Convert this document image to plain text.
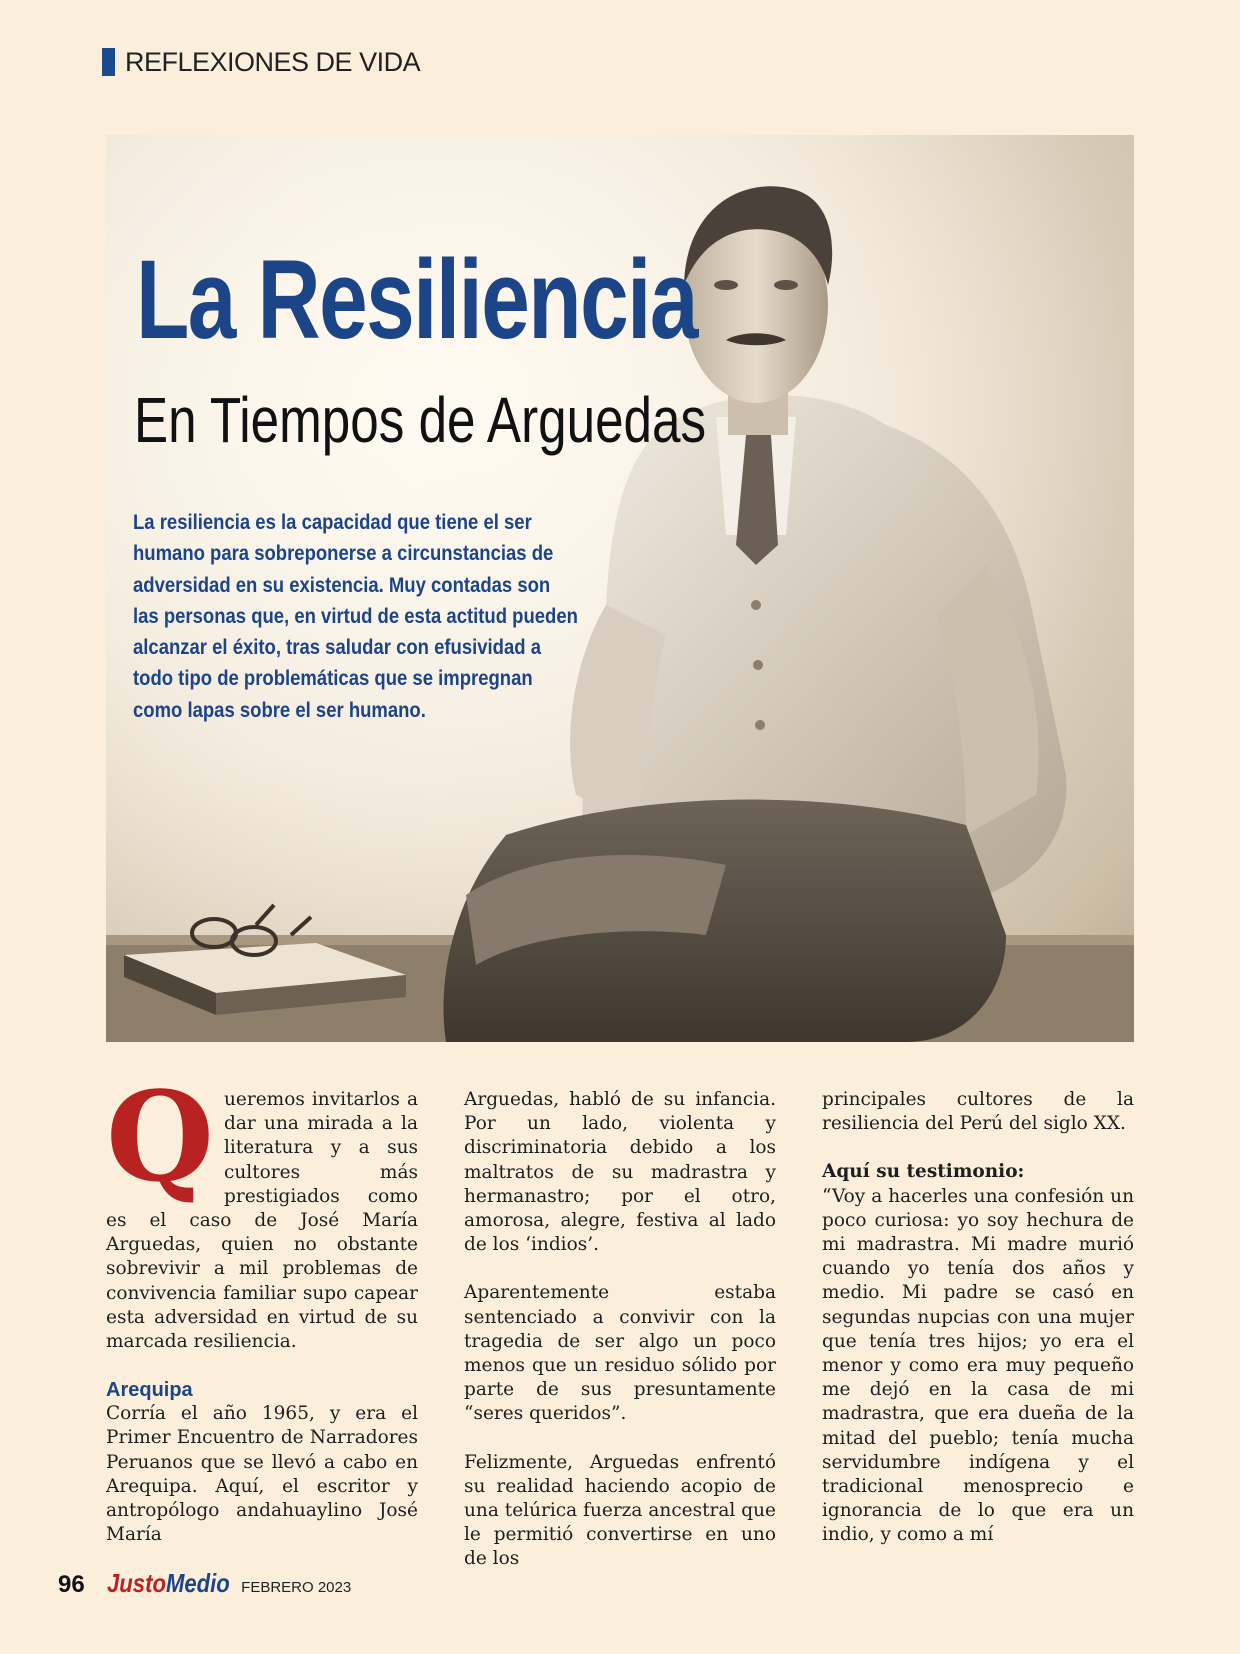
REFLEXIONES DE VIDA
La Resiliencia
En Tiempos de Arguedas

La resiliencia es la capacidad que tiene el ser humano para sobreponerse a circunstancias de adversidad en su existencia. Muy contadas son las personas que, en virtud de esta actitud pueden alcanzar el éxito, tras saludar con efusividad a todo tipo de problemáticas que se impregnan como lapas sobre el ser humano.

Queremos invitarlos a dar una mirada a la literatura y a sus cultores más prestigiados como es el caso de José María Arguedas, quien no obstante sobrevivir a mil problemas de convivencia familiar supo capear esta adversidad en virtud de su marcada resiliencia.

Arequipa
Corría el año 1965, y era el Primer Encuentro de Narradores Peruanos que se llevó a cabo en Arequipa. Aquí, el escritor y antropólogo andahuaylino José María

Arguedas, habló de su infancia. Por un lado, violenta y discriminatoria debido a los maltratos de su madrastra y hermanastro; por el otro, amorosa, alegre, festiva al lado de los ‘indios’.

Aparentemente estaba sentenciado a convivir con la tragedia de ser algo un poco menos que un residuo sólido por parte de sus presuntamente “seres queridos”.

Felizmente, Arguedas enfrentó su realidad haciendo acopio de una telúrica fuerza ancestral que le permitió convertirse en uno de los

principales cultores de la resiliencia del Perú del siglo XX.

Aquí su testimonio:
“Voy a hacerles una confesión un poco curiosa: yo soy hechura de mi madrastra. Mi madre murió cuando yo tenía dos años y medio. Mi padre se casó en segundas nupcias con una mujer que tenía tres hijos; yo era el menor y como era muy pequeño me dejó en la casa de mi madrastra, que era dueña de la mitad del pueblo; tenía mucha servidumbre indígena y el tradicional menosprecio e ignorancia de lo que era un indio, y como a mí

96 JustoMedio FEBRERO 2023
